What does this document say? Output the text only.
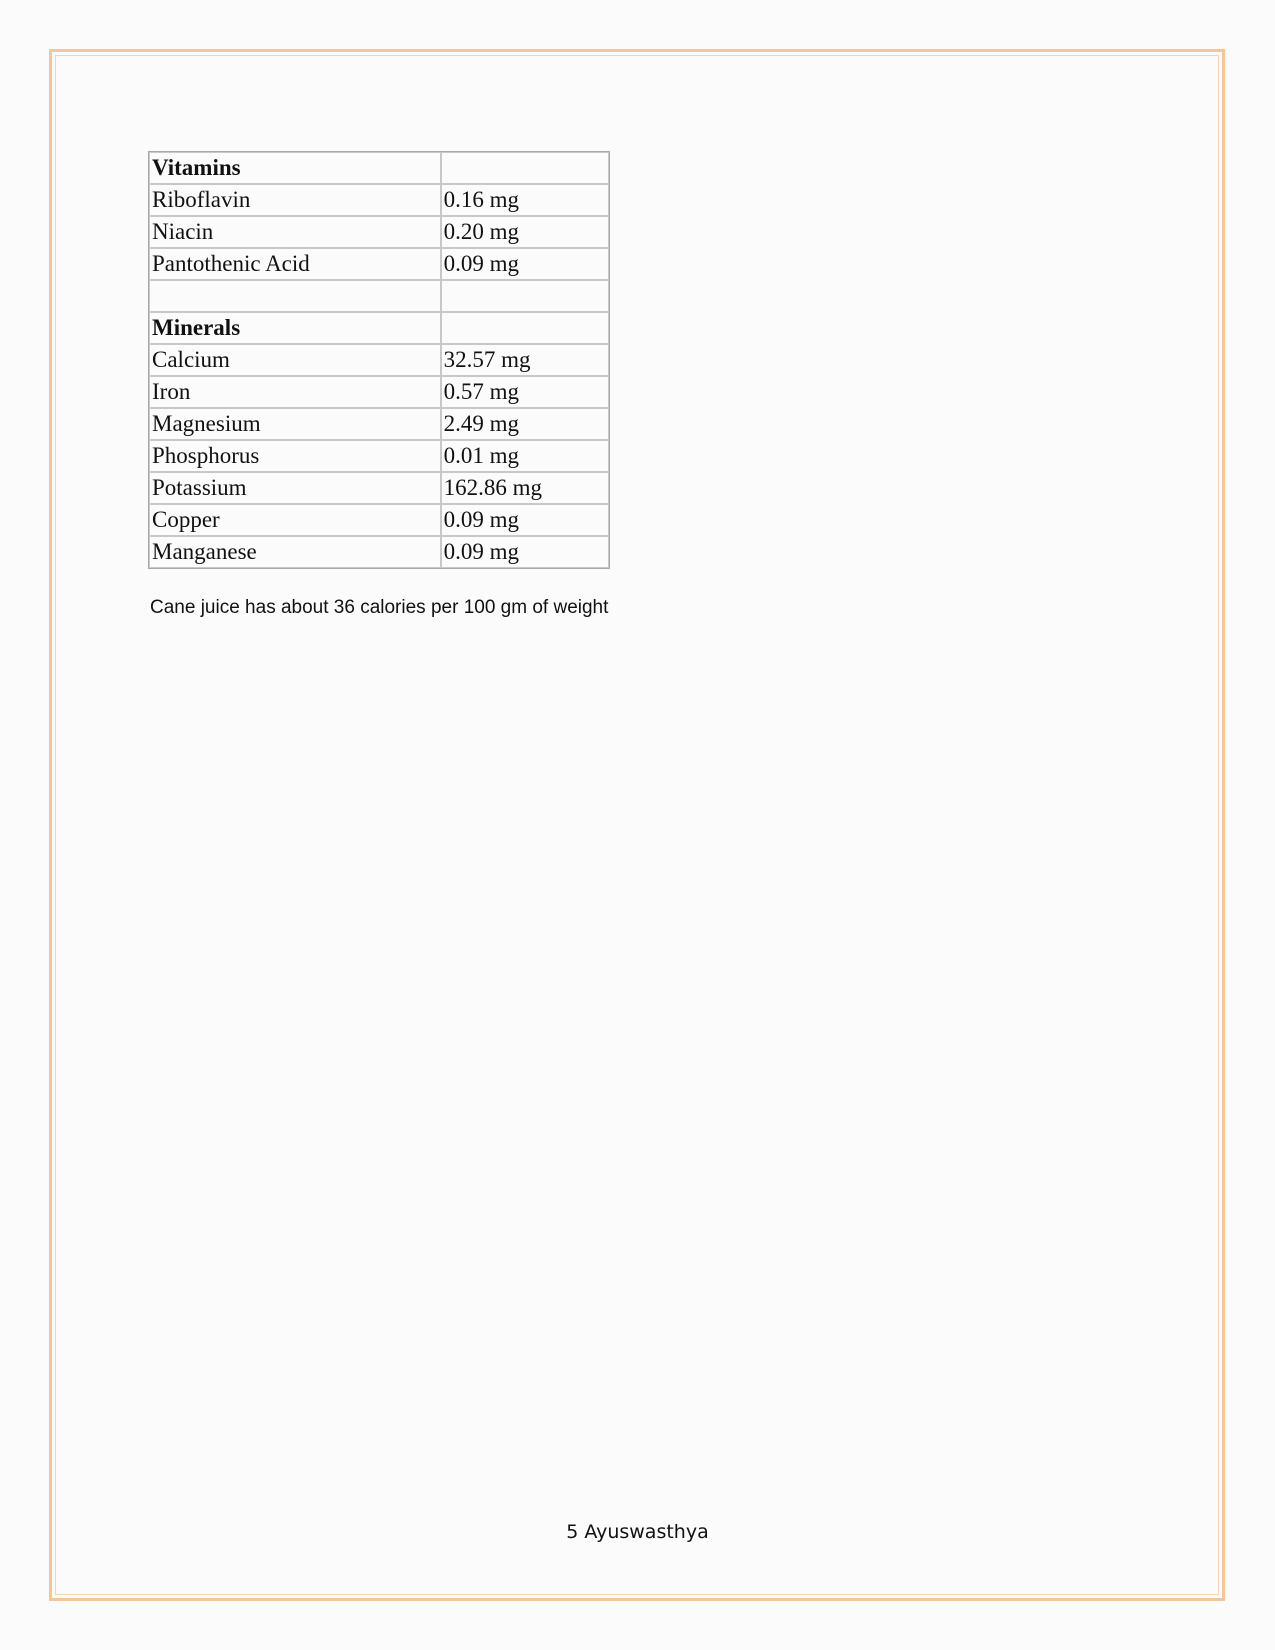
Vitamins	
Riboflavin	0.16 mg
Niacin	0.20 mg
Pantothenic Acid	0.09 mg

Minerals	
Calcium	32.57 mg
Iron	0.57 mg
Magnesium	2.49 mg
Phosphorus	0.01 mg
Potassium	162.86 mg
Copper	0.09 mg
Manganese	0.09 mg
Cane juice has about 36 calories per 100 gm of weight
5 Ayuswasthya
